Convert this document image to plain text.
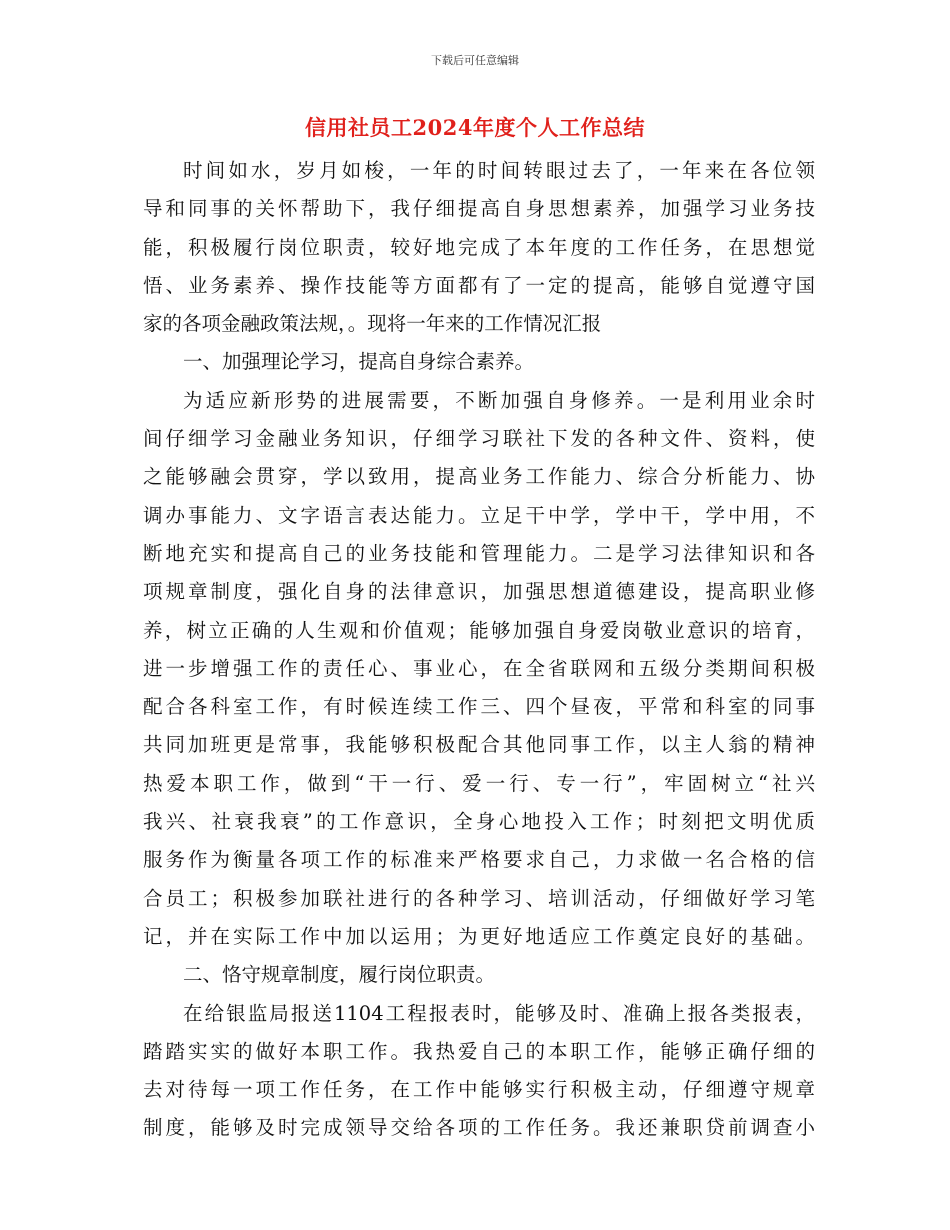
下载后可任意编辑
信用社员工2024年度个人工作总结
时间如水，岁月如梭，一年的时间转眼过去了，一年来在各位领
导和同事的关怀帮助下，我仔细提高自身思想素养，加强学习业务技
能，积极履行岗位职责，较好地完成了本年度的工作任务，在思想觉
悟、业务素养、操作技能等方面都有了一定的提高，能够自觉遵守国
家的各项金融政策法规，。现将一年来的工作情况汇报
一、加强理论学习，提高自身综合素养。
为适应新形势的进展需要，不断加强自身修养。一是利用业余时
间仔细学习金融业务知识，仔细学习联社下发的各种文件、资料，使
之能够融会贯穿，学以致用，提高业务工作能力、综合分析能力、协
调办事能力、文字语言表达能力。立足干中学，学中干，学中用，不
断地充实和提高自己的业务技能和管理能力。二是学习法律知识和各
项规章制度，强化自身的法律意识，加强思想道德建设，提高职业修
养，树立正确的人生观和价值观；能够加强自身爱岗敬业意识的培育，
进一步增强工作的责任心、事业心，在全省联网和五级分类期间积极
配合各科室工作，有时候连续工作三、四个昼夜，平常和科室的同事
共同加班更是常事，我能够积极配合其他同事工作，以主人翁的精神
热爱本职工作，做到“干一行、爱一行、专一行”，牢固树立“社兴
我兴、社衰我衰”的工作意识，全身心地投入工作；时刻把文明优质
服务作为衡量各项工作的标准来严格要求自己，力求做一名合格的信
合员工；积极参加联社进行的各种学习、培训活动，仔细做好学习笔
记，并在实际工作中加以运用；为更好地适应工作奠定良好的基础。
二、恪守规章制度，履行岗位职责。
在给银监局报送1104工程报表时，能够及时、准确上报各类报表，
踏踏实实的做好本职工作。我热爱自己的本职工作，能够正确仔细的
去对待每一项工作任务，在工作中能够实行积极主动，仔细遵守规章
制度，能够及时完成领导交给各项的工作任务。我还兼职贷前调查小
